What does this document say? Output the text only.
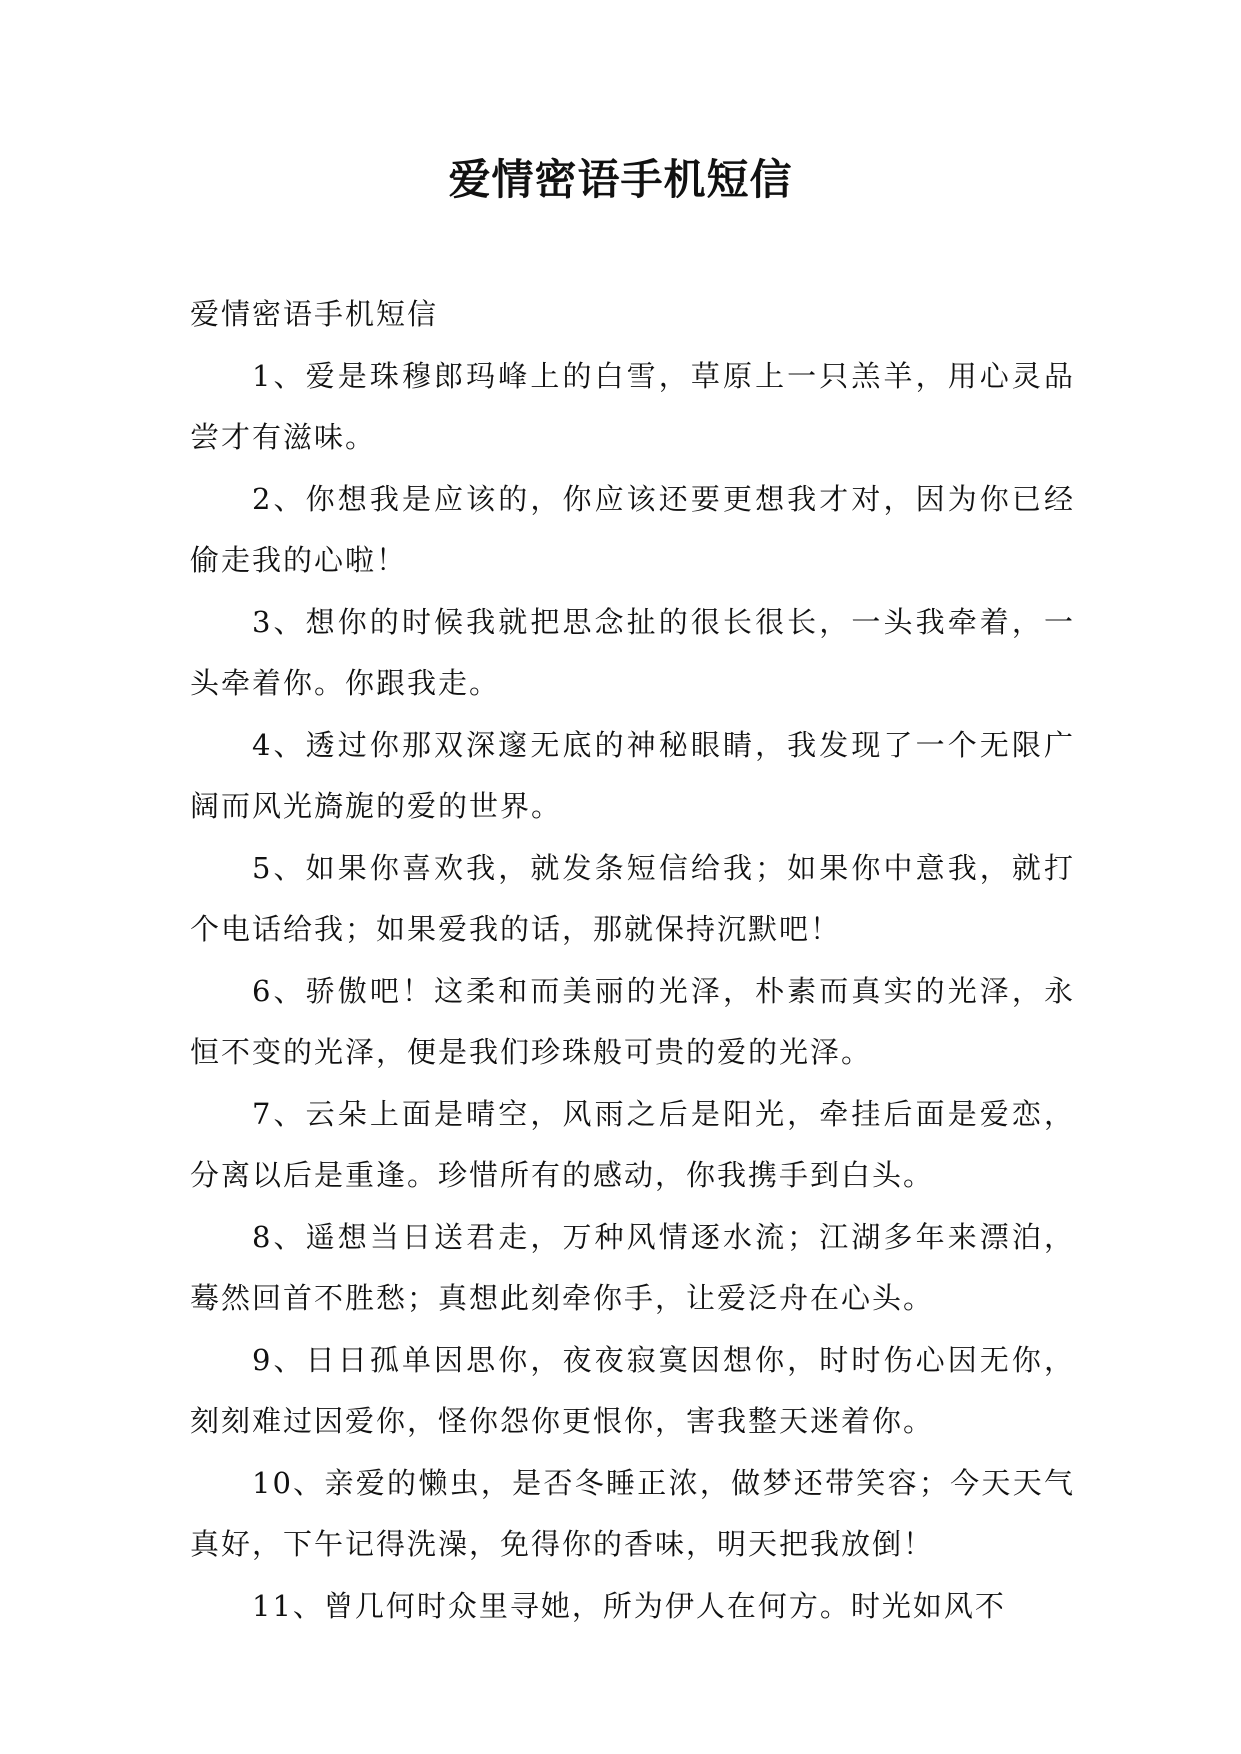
爱情密语手机短信

爱情密语手机短信

1、爱是珠穆郎玛峰上的白雪，草原上一只羔羊，用心灵品尝才有滋味。

2、你想我是应该的，你应该还要更想我才对，因为你已经偷走我的心啦！

3、想你的时候我就把思念扯的很长很长，一头我牵着，一头牵着你。你跟我走。

4、透过你那双深邃无底的神秘眼睛，我发现了一个无限广阔而风光旖旎的爱的世界。

5、如果你喜欢我，就发条短信给我；如果你中意我，就打个电话给我；如果爱我的话，那就保持沉默吧！

6、骄傲吧！这柔和而美丽的光泽，朴素而真实的光泽，永恒不变的光泽，便是我们珍珠般可贵的爱的光泽。

7、云朵上面是晴空，风雨之后是阳光，牵挂后面是爱恋，分离以后是重逢。珍惜所有的感动，你我携手到白头。

8、遥想当日送君走，万种风情逐水流；江湖多年来漂泊，蓦然回首不胜愁；真想此刻牵你手，让爱泛舟在心头。

9、日日孤单因思你，夜夜寂寞因想你，时时伤心因无你，刻刻难过因爱你，怪你怨你更恨你，害我整天迷着你。

10、亲爱的懒虫，是否冬睡正浓，做梦还带笑容；今天天气真好，下午记得洗澡，免得你的香味，明天把我放倒！

11、曾几何时众里寻她，所为伊人在何方。时光如风不
